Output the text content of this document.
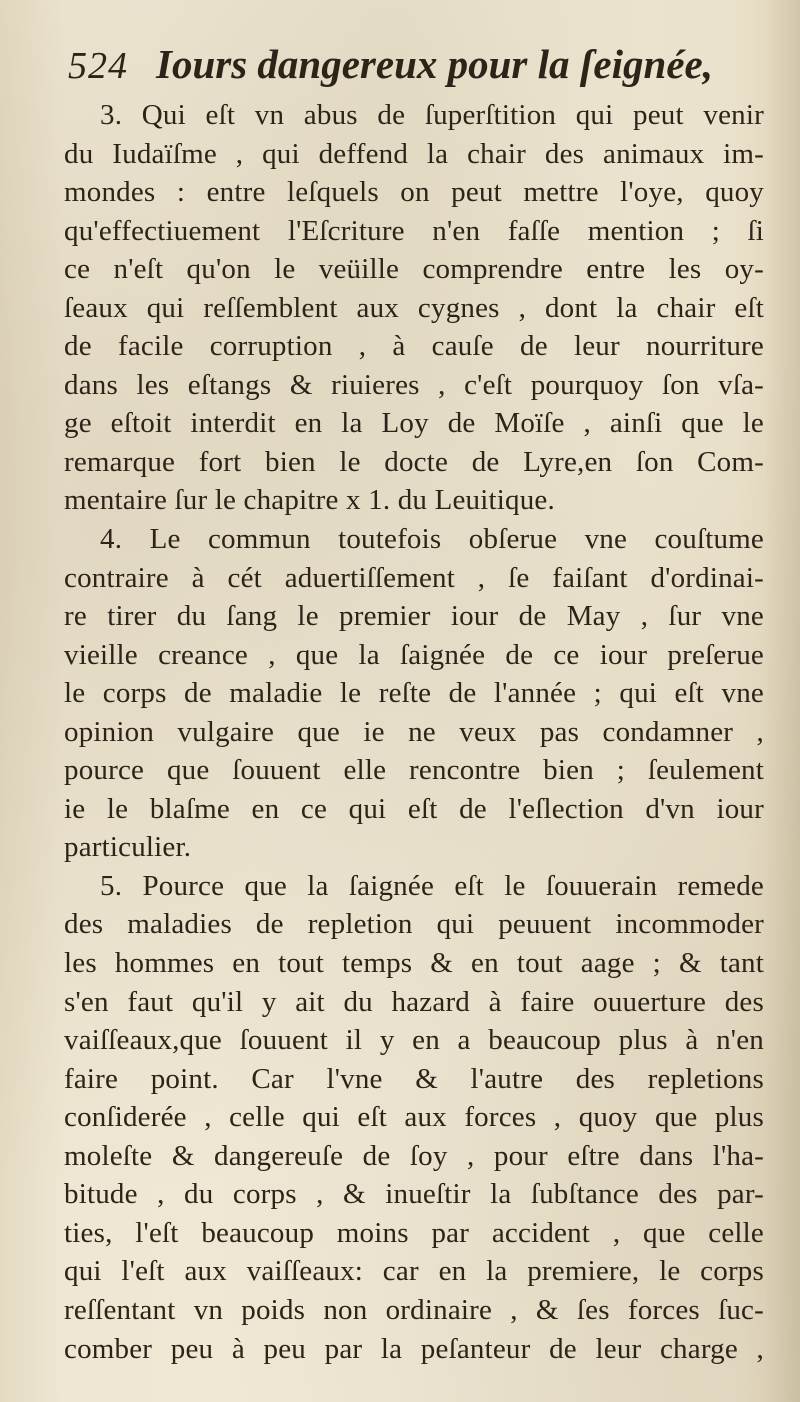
524 Iours dangereux pour la ſeignée,
3. Qui eſt vn abus de ſuperſtition qui peut venir
du Iudaïſme , qui deffend la chair des animaux im-
mondes : entre leſquels on peut mettre l'oye, quoy
qu'effectiuement l'Eſcriture n'en faſſe mention ; ſi
ce n'eſt qu'on le veüille comprendre entre les oy-
ſeaux qui reſſemblent aux cygnes , dont la chair eſt
de facile corruption , à cauſe de leur nourriture
dans les eſtangs & riuieres , c'eſt pourquoy ſon vſa-
ge eſtoit interdit en la Loy de Moïſe , ainſi que le
remarque fort bien le docte de Lyre,en ſon Com-
mentaire ſur le chapitre x 1. du Leuitique.
4. Le commun toutefois obſerue vne couſtume
contraire à cét aduertiſſement , ſe faiſant d'ordinai-
re tirer du ſang le premier iour de May , ſur vne
vieille creance , que la ſaignée de ce iour preſerue
le corps de maladie le reſte de l'année ; qui eſt vne
opinion vulgaire que ie ne veux pas condamner ,
pource que ſouuent elle rencontre bien ; ſeulement
ie le blaſme en ce qui eſt de l'eſlection d'vn iour
particulier.
5. Pource que la ſaignée eſt le ſouuerain remede
des maladies de repletion qui peuuent incommoder
les hommes en tout temps & en tout aage ; & tant
s'en faut qu'il y ait du hazard à faire ouuerture des
vaiſſeaux,que ſouuent il y en a beaucoup plus à n'en
faire point. Car l'vne & l'autre des repletions
conſiderée , celle qui eſt aux forces , quoy que plus
moleſte & dangereuſe de ſoy , pour eſtre dans l'ha-
bitude , du corps , & inueſtir la ſubſtance des par-
ties, l'eſt beaucoup moins par accident , que celle
qui l'eſt aux vaiſſeaux: car en la premiere, le corps
reſſentant vn poids non ordinaire , & ſes forces ſuc-
comber peu à peu par la peſanteur de leur charge ,
